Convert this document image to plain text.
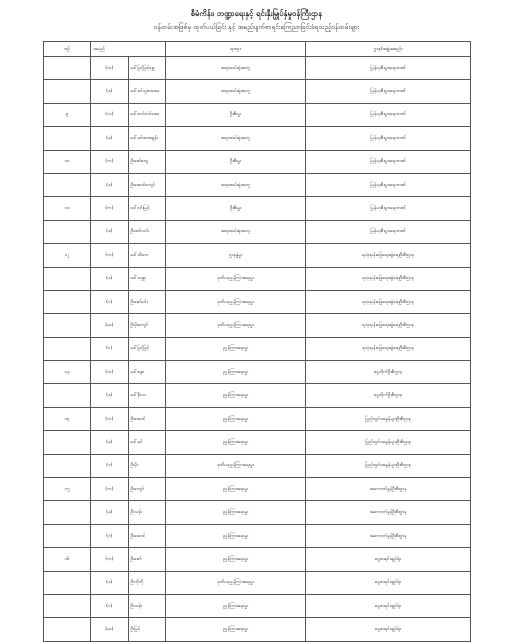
စီမံကိန်း၊ ဘဏ္ဍာရေးနှင့် ရင်းနှီးမြှုပ်နှံမှုဝန်ကြီးဌာန
ဝန်ထမ်းအဖြစ်မှ ထုတ်ပယ်ခြင်း နှင့် အမည်ပျက်စာရင်းကြေညာခြင်းခံရသည့်ဝန်ထမ်းများ
စဉ်	အမည်		ရာထူး	ဌာန/အဖွဲ့အစည်း
	(က)	ဒေါ်မြင့်မြင့်ရွှေ	အရာထမ်းရုံးအကူ	မြန်မာ့စီးပွားရေးဘဏ်
	(ခ)	ဒေါ်ခင်သူဇာအေး	အရာထမ်းရုံးအကူ	မြန်မာ့စီးပွားရေးဘဏ်
၉	(က)	ဒေါ်တင်တင်အေး	ဦးစီးမှူး	မြန်မာ့စီးပွားရေးဘဏ်
	(ခ)	ဒေါ်ခင်ထားထွန်း	အရာထမ်းရုံးအကူ	မြန်မာ့စီးပွားရေးဘဏ်
၁၀	(က)	ဦးဇော်ဘွေ	ဦးစီးမှူး	မြန်မာ့စီးပွားရေးဘဏ်
	(ခ)	ဦးအောင်ကျော်	အရာထမ်းရုံးအကူ	မြန်မာ့စီးပွားရေးဘဏ်
၁၁	(က)	ဒေါ်ဝင်းမြင့်	ဦးစီးမှူး	မြန်မာ့စီးပွားရေးဘဏ်
	(ခ)	ဦးထင်လင်း	အရာထမ်းရုံးအကူ	မြန်မာ့စီးပွားရေးဘဏ်
၁၂	(က)	ဒေါ်သီတာ	ဌာနခွဲမှူး	ရသုံးမှန်းခြေရေးဆွဲရေးဦးစီးဌာန
	(ခ)	ဒေါ်သန္တာ	ဒုတိယညွှန်ကြားရေးမှူး	ရသုံးမှန်းခြေရေးဆွဲရေးဦးစီးဌာန
	(ဂ)	ဦးဇော်မင်း	ဒုတိယညွှန်ကြားရေးမှူး	ရသုံးမှန်းခြေရေးဆွဲရေးဦးစီးဌာန
	(ဃ)	ဦးမိုးကျော်	ဒုတိယညွှန်ကြားရေးမှူး	ရသုံးမှန်းခြေရေးဆွဲရေးဦးစီးဌာန
	(င)	ဒေါ်မြင့်မြင့်	ညွှန်ကြားရေးမှူး	ရသုံးမှန်းခြေရေးဆွဲရေးဦးစီးဌာန
၁၃	(က)	ဒေါ်စန္ဒာ	ညွှန်ကြားရေးမှူး	ငွေတိုက်ဦးစီးဌာန
	(ခ)	ဒေါ်နီလာ	ညွှန်ကြားရေးမှူး	ငွေတိုက်ဦးစီးဌာန
၁၄	(က)	ဦးအောင်	ညွှန်ကြားရေးမှူး	ပြည်တွင်းအခွန်များဦးစီးဌာန
	(ခ)	ဒေါ်ခင်	ညွှန်ကြားရေးမှူး	ပြည်တွင်းအခွန်များဦးစီးဌာန
	(ဂ)	ဦးမိုး	ဒုတိယညွှန်ကြားရေးမှူး	ပြည်တွင်းအခွန်များဦးစီးဌာန
၁၅	(က)	ဦးကျော်	ညွှန်ကြားရေးမှူး	အကောက်ခွန်ဦးစီးဌာန
	(ခ)	ဦးသန်း	ညွှန်ကြားရေးမှူး	အကောက်ခွန်ဦးစီးဌာန
	(ဂ)	ဦးအောင်	ညွှန်ကြားရေးမှူး	အကောက်ခွန်ဦးစီးဌာန
၁၆	(က)	ဦးဇော်	ညွှန်ကြားရေးမှူး	ငွေစာရင်းချုပ်ရုံး
	(ခ)	ဦးကိုကို	ဒုတိယညွှန်ကြားရေးမှူး	ငွေစာရင်းချုပ်ရုံး
	(ဂ)	ဦးသန်း	ညွှန်ကြားရေးမှူး	ငွေစာရင်းချုပ်ရုံး
	(ဃ)	ဦးမြင့်	ညွှန်ကြားရေးမှူး	ငွေစာရင်းချုပ်ရုံး
